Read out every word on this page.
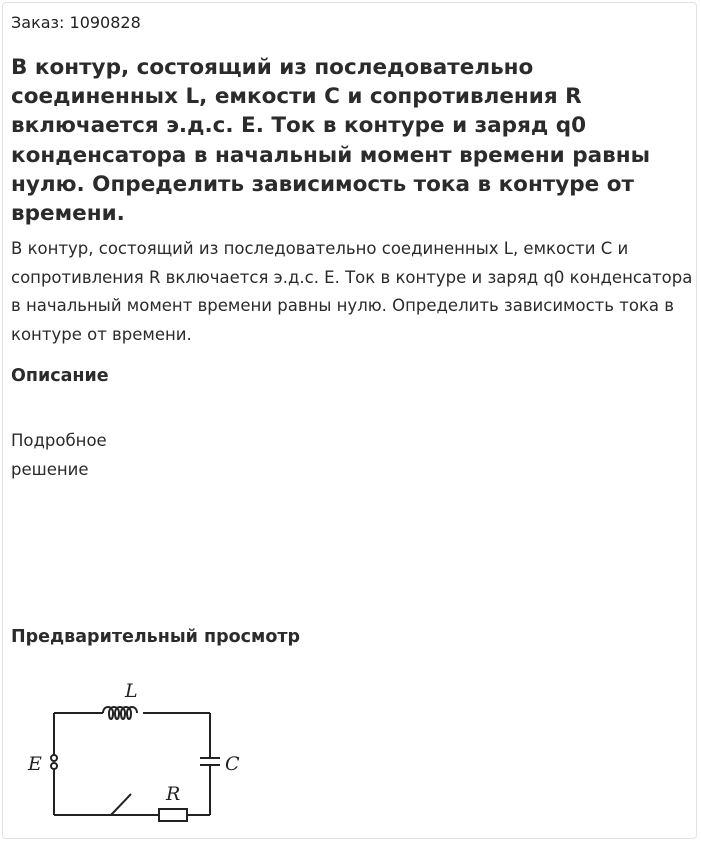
Заказ: 1090828
В контур, состоящий из последовательно соединенных L, емкости С и сопротивления R включается э.д.с. Е. Ток в контуре и заряд q0 конденсатора в начальный момент времени равны нулю. Определить зависимость тока в контуре от времени.

В контур, состоящий из последовательно соединенных L, емкости С и сопротивления R включается э.д.с. Е. Ток в контуре и заряд q0 конденсатора в начальный момент времени равны нулю. Определить зависимость тока в контуре от времени.

Описание
Подробное решение
Предварительный просмотр
L
E	C
R
